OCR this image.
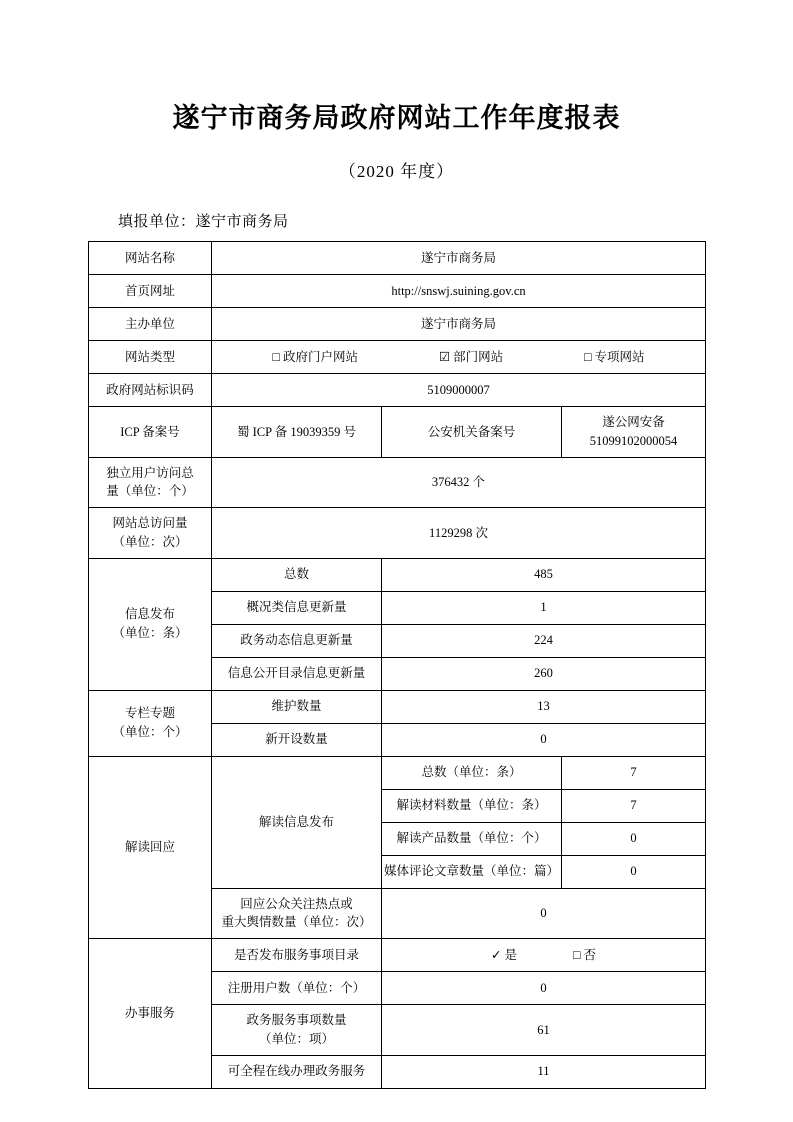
遂宁市商务局政府网站工作年度报表
（2020 年度）
填报单位：遂宁市商务局
网站名称	遂宁市商务局		
首页网址	http://snswj.suining.gov.cn		
主办单位	遂宁市商务局		
网站类型	□ 政府门户网站 ☑ 部门网站 □ 专项网站		

政府网站标识码	5109000007		
ICP 备案号	蜀 ICP 备 19039359 号	公安机关备案号	遂公网安备
51099102000054

独立用户访问总
量（单位：个）	376432 个		

网站总访问量
（单位：次）	1129298 次		

信息发布
（单位：条）	总数	485	
	概况类信息更新量	1	
	政务动态信息更新量	224	
	信息公开目录信息更新量	260	

专栏专题
（单位：个）	维护数量	13	
	新开设数量	0	
解读回应	解读信息发布	总数（单位：条）	7
		解读材料数量（单位：条）	7
		解读产品数量（单位：个）	0
		媒体评论文章数量（单位：篇）	0

	回应公众关注热点或
重大舆情数量（单位：次）	0	
办事服务	是否发布服务事项目录	✓ 是 □ 否	

	注册用户数（单位：个）	0	

	政务服务事项数量
（单位：项）	61	
	可全程在线办理政务服务	11	
